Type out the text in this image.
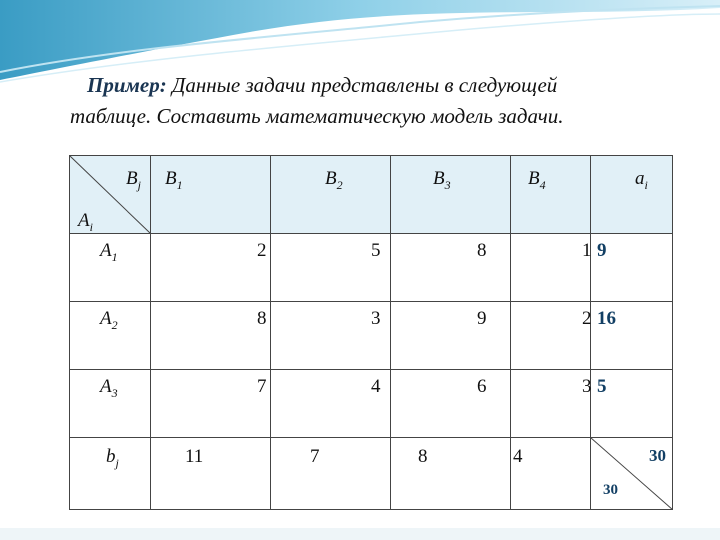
Пример: Данные задачи представлены в следующей
таблице. Составить математическую модель задачи.
$B_j$
$A_i$	$B_1$	$B_2$	$B_3$	$B_4$	$a_i$

$A_1$	2	5	8	1	9

$A_2$	8	3	9	2	16

$A_3$	7	4	6	3	5

$b_j$	11	7	8	4	30
30
